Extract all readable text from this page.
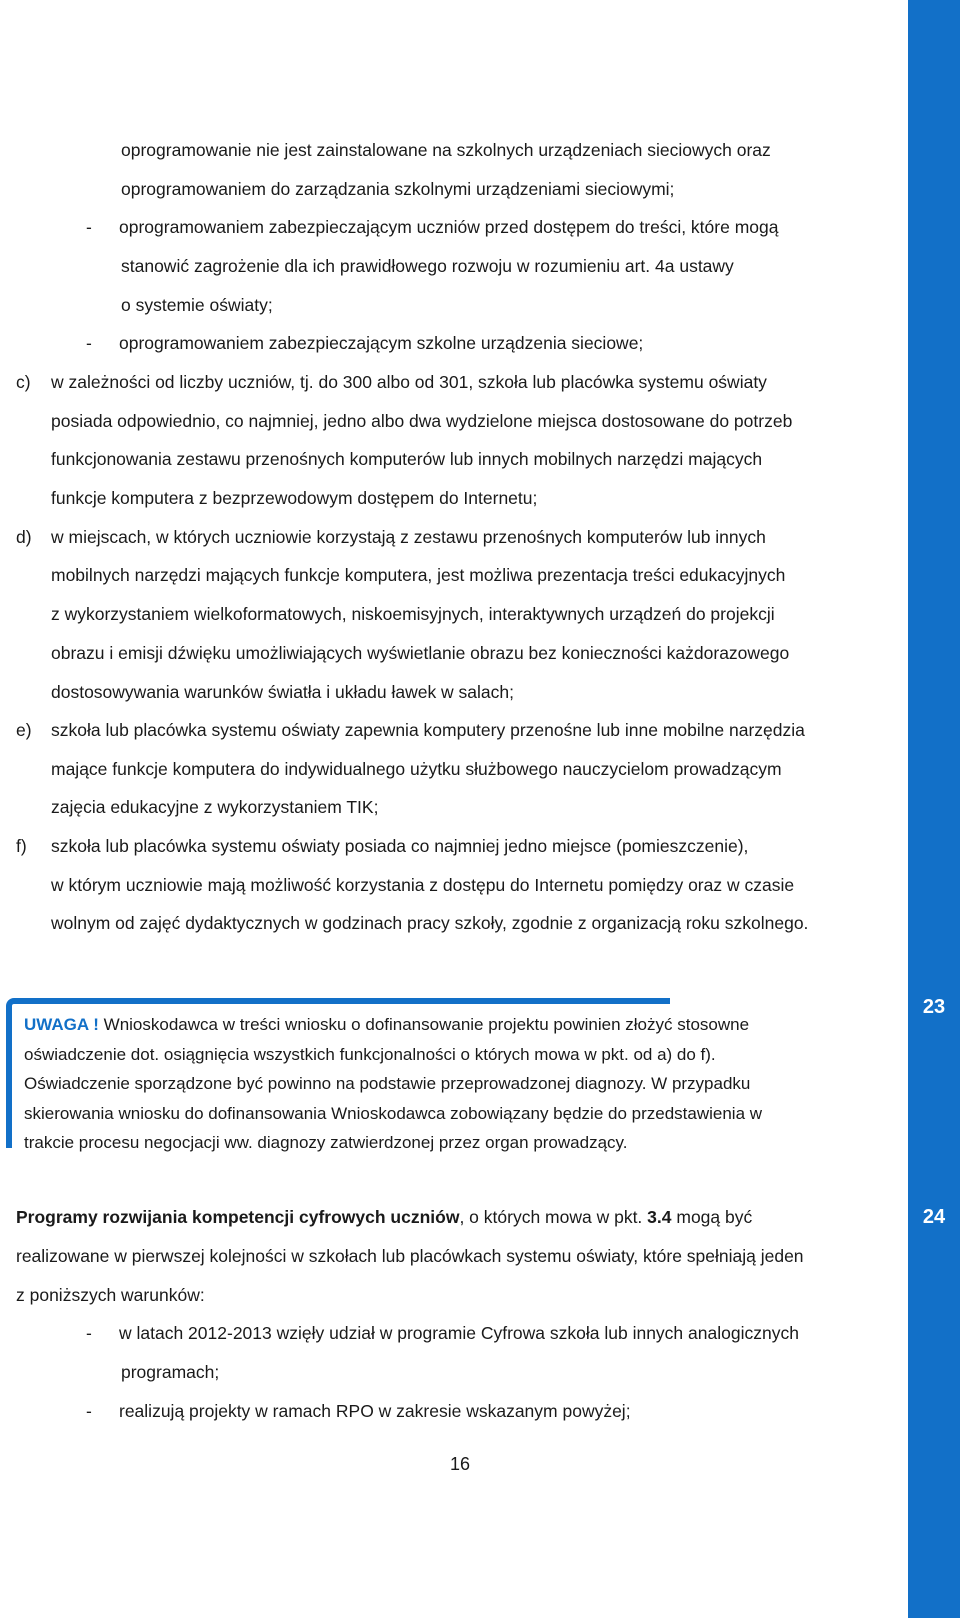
23
24
oprogramowanie nie jest zainstalowane na szkolnych urządzeniach sieciowych oraz
oprogramowaniem do zarządzania szkolnymi urządzeniami sieciowymi;
- oprogramowaniem zabezpieczającym uczniów przed dostępem do treści, które mogą
stanowić zagrożenie dla ich prawidłowego rozwoju w rozumieniu art. 4a ustawy
o systemie oświaty;
- oprogramowaniem zabezpieczającym szkolne urządzenia sieciowe;
c) w zależności od liczby uczniów, tj. do 300 albo od 301, szkoła lub placówka systemu oświaty
posiada odpowiednio, co najmniej, jedno albo dwa wydzielone miejsca dostosowane do potrzeb
funkcjonowania zestawu przenośnych komputerów lub innych mobilnych narzędzi mających
funkcje komputera z bezprzewodowym dostępem do Internetu;
d) w miejscach, w których uczniowie korzystają z zestawu przenośnych komputerów lub innych
mobilnych narzędzi mających funkcje komputera, jest możliwa prezentacja treści edukacyjnych
z wykorzystaniem wielkoformatowych, niskoemisyjnych, interaktywnych urządzeń do projekcji
obrazu i emisji dźwięku umożliwiających wyświetlanie obrazu bez konieczności każdorazowego
dostosowywania warunków światła i układu ławek w salach;
e) szkoła lub placówka systemu oświaty zapewnia komputery przenośne lub inne mobilne narzędzia
mające funkcje komputera do indywidualnego użytku służbowego nauczycielom prowadzącym
zajęcia edukacyjne z wykorzystaniem TIK;
f) szkoła lub placówka systemu oświaty posiada co najmniej jedno miejsce (pomieszczenie),
w którym uczniowie mają możliwość korzystania z dostępu do Internetu pomiędzy oraz w czasie
wolnym od zajęć dydaktycznych w godzinach pracy szkoły, zgodnie z organizacją roku szkolnego.
UWAGA ! Wnioskodawca w treści wniosku o dofinansowanie projektu powinien złożyć stosowne
oświadczenie dot. osiągnięcia wszystkich funkcjonalności o których mowa w pkt. od a) do f).
Oświadczenie sporządzone być powinno na podstawie przeprowadzonej diagnozy. W przypadku
skierowania wniosku do dofinansowania Wnioskodawca zobowiązany będzie do przedstawienia w
trakcie procesu negocjacji ww. diagnozy zatwierdzonej przez organ prowadzący.
Programy rozwijania kompetencji cyfrowych uczniów, o których mowa w pkt. 3.4 mogą być
realizowane w pierwszej kolejności w szkołach lub placówkach systemu oświaty, które spełniają jeden
z poniższych warunków:
- w latach 2012-2013 wzięły udział w programie Cyfrowa szkoła lub innych analogicznych
programach;
- realizują projekty w ramach RPO w zakresie wskazanym powyżej;
16
